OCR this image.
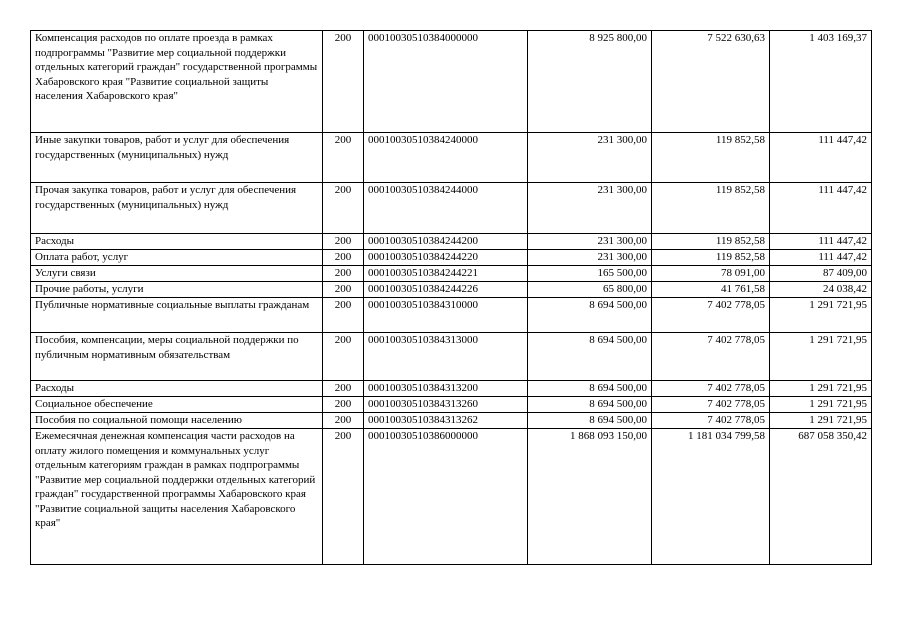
Компенсация расходов по оплате проезда в рамках подпрограммы "Развитие мер социальной поддержки отдельных категорий граждан" государственной программы Хабаровского края "Развитие социальной защиты населения Хабаровского края"	200	00010030510384000000	8 925 800,00	7 522 630,63	1 403 169,37
Иные закупки товаров, работ и услуг для обеспечения государственных (муниципальных) нужд	200	00010030510384240000	231 300,00	119 852,58	111 447,42
Прочая закупка товаров, работ и услуг для обеспечения государственных (муниципальных) нужд	200	00010030510384244000	231 300,00	119 852,58	111 447,42
Расходы	200	00010030510384244200	231 300,00	119 852,58	111 447,42
Оплата работ, услуг	200	00010030510384244220	231 300,00	119 852,58	111 447,42
Услуги связи	200	00010030510384244221	165 500,00	78 091,00	87 409,00
Прочие работы, услуги	200	00010030510384244226	65 800,00	41 761,58	24 038,42
Публичные нормативные социальные выплаты гражданам	200	00010030510384310000	8 694 500,00	7 402 778,05	1 291 721,95
Пособия, компенсации, меры социальной поддержки по публичным нормативным обязательствам	200	00010030510384313000	8 694 500,00	7 402 778,05	1 291 721,95
Расходы	200	00010030510384313200	8 694 500,00	7 402 778,05	1 291 721,95
Социальное обеспечение	200	00010030510384313260	8 694 500,00	7 402 778,05	1 291 721,95
Пособия по социальной помощи населению	200	00010030510384313262	8 694 500,00	7 402 778,05	1 291 721,95
Ежемесячная денежная компенсация части расходов на оплату жилого помещения и коммунальных услуг отдельным категориям граждан в рамках подпрограммы "Развитие мер социальной поддержки отдельных категорий граждан" государственной программы Хабаровского края "Развитие социальной защиты населения Хабаровского края"	200	00010030510386000000	1 868 093 150,00	1 181 034 799,58	687 058 350,42
